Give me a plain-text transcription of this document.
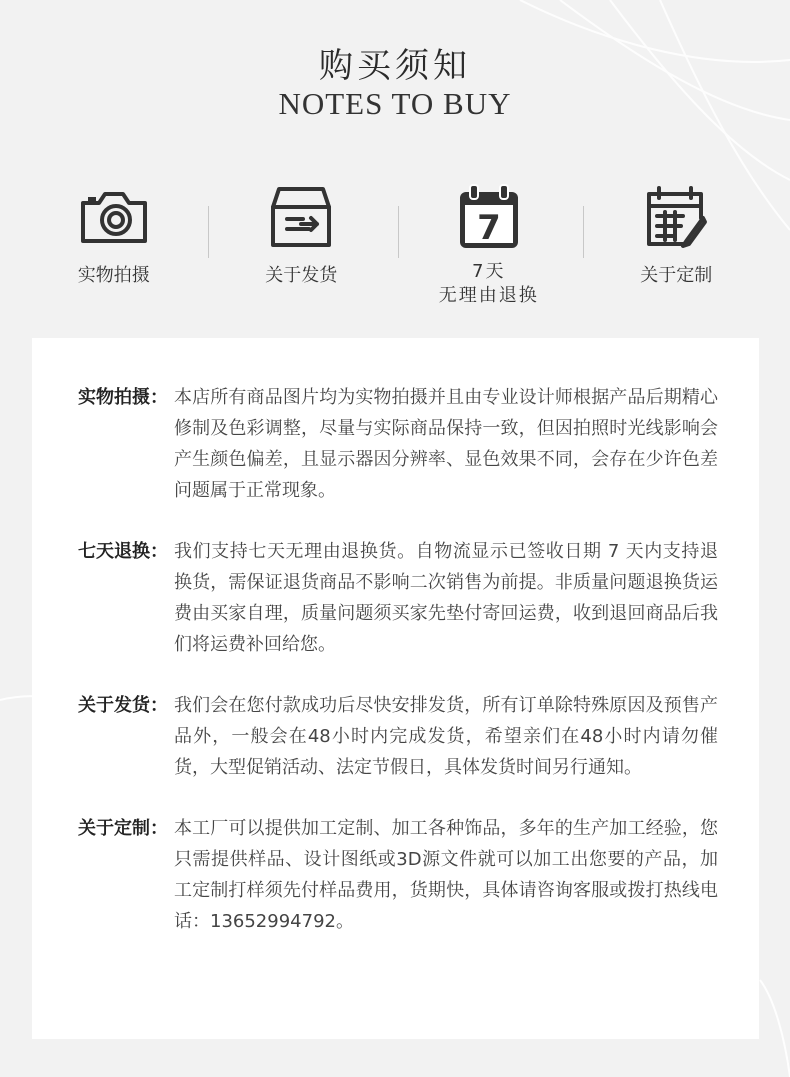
购买须知
NOTES TO BUY
实物拍摄	关于发货
7
7天
无理由退换
关于定制
实物拍摄： 本店所有商品图片均为实物拍摄并且由专业设计师根据产品后期精心修制及色彩调整，尽量与实际商品保持一致，但因拍照时光线影响会产生颜色偏差，且显示器因分辨率、显色效果不同，会存在少许色差问题属于正常现象。
七天退换： 我们支持七天无理由退换货。自物流显示已签收日期 7 天内支持退换货，需保证退货商品不影响二次销售为前提。非质量问题退换货运费由买家自理，质量问题须买家先垫付寄回运费，收到退回商品后我们将运费补回给您。
关于发货： 我们会在您付款成功后尽快安排发货，所有订单除特殊原因及预售产品外，一般会在48小时内完成发货，希望亲们在48小时内请勿催货，大型促销活动、法定节假日，具体发货时间另行通知。
关于定制： 本工厂可以提供加工定制、加工各种饰品，多年的生产加工经验，您只需提供样品、设计图纸或3D源文件就可以加工出您要的产品，加工定制打样须先付样品费用，货期快，具体请咨询客服或拨打热线电话：13652994792。
